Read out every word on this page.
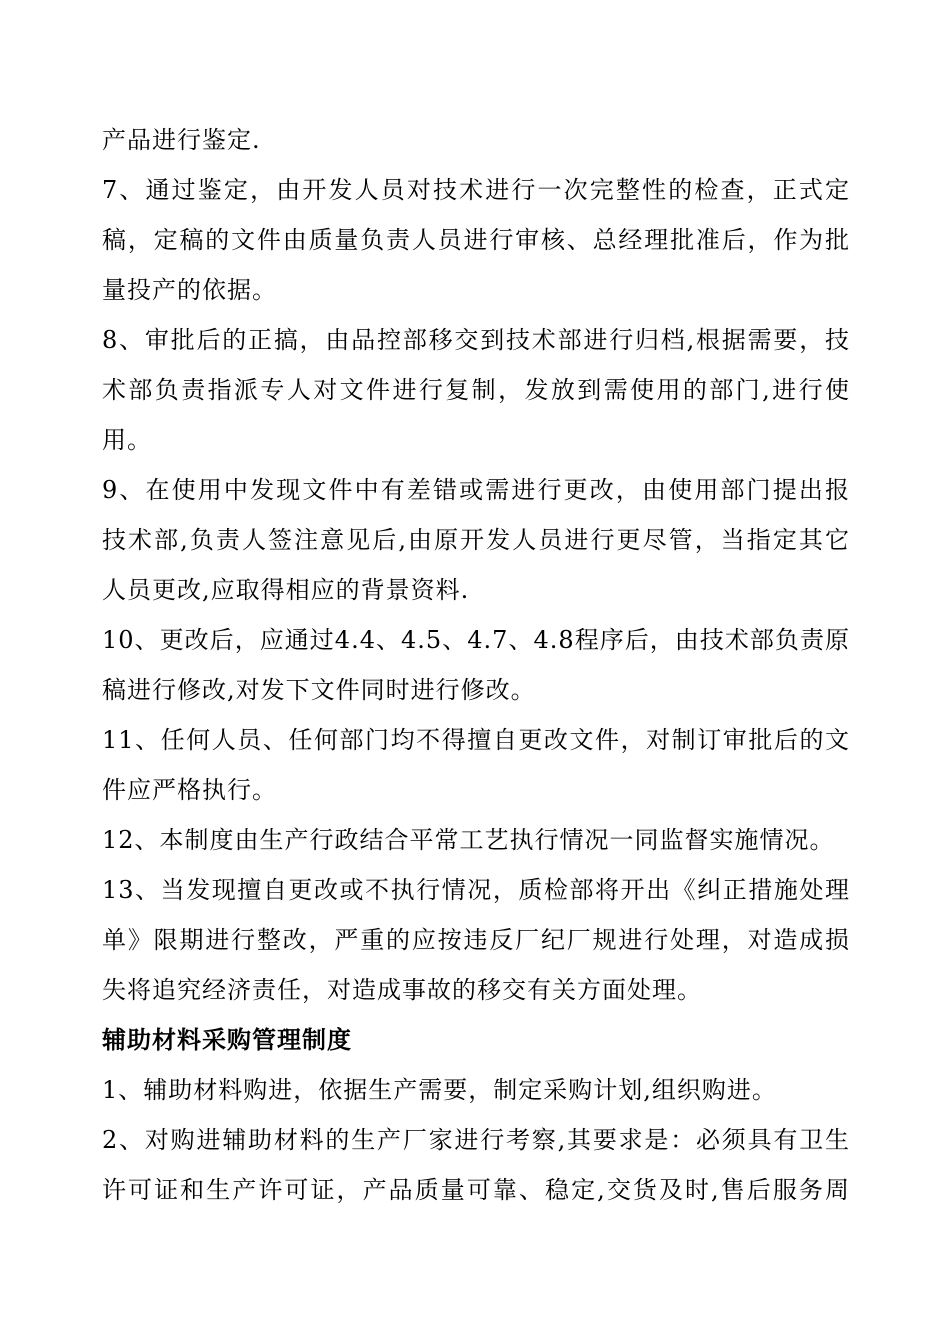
产品进行鉴定.
7、通过鉴定，由开发人员对技术进行一次完整性的检查，正式定
稿，定稿的文件由质量负责人员进行审核、总经理批准后，作为批
量投产的依据。
8、审批后的正搞，由品控部移交到技术部进行归档,根据需要，技
术部负责指派专人对文件进行复制，发放到需使用的部门,进行使
用。
9、在使用中发现文件中有差错或需进行更改，由使用部门提出报
技术部,负责人签注意见后,由原开发人员进行更尽管，当指定其它
人员更改,应取得相应的背景资料.
10、更改后，应通过4.4、4.5、4.7、4.8程序后，由技术部负责原
稿进行修改,对发下文件同时进行修改。
11、任何人员、任何部门均不得擅自更改文件，对制订审批后的文
件应严格执行。
12、本制度由生产行政结合平常工艺执行情况一同监督实施情况。
13、当发现擅自更改或不执行情况，质检部将开出《纠正措施处理
单》限期进行整改，严重的应按违反厂纪厂规进行处理，对造成损
失将追究经济责任，对造成事故的移交有关方面处理。
辅助材料采购管理制度
1、辅助材料购进，依据生产需要，制定采购计划,组织购进。
2、对购进辅助材料的生产厂家进行考察,其要求是：必须具有卫生
许可证和生产许可证，产品质量可靠、稳定,交货及时,售后服务周
